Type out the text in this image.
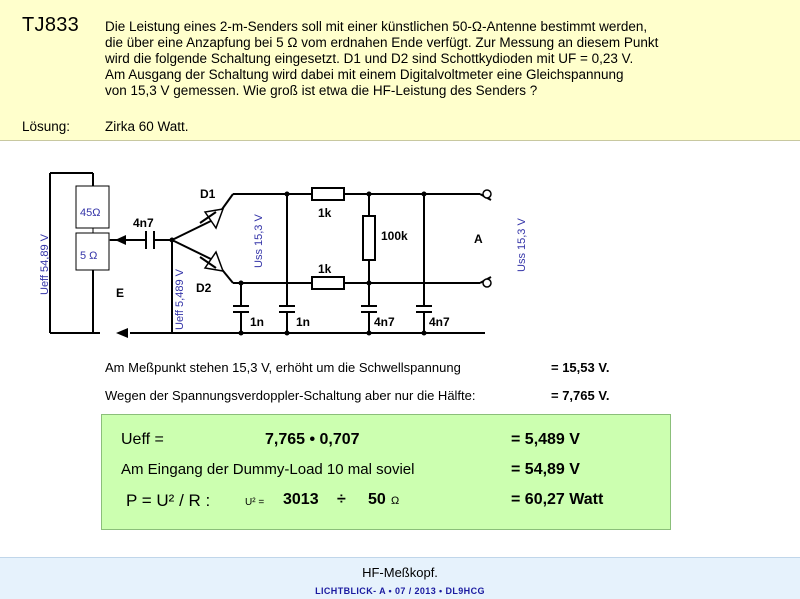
TJ833 Die Leistung eines 2-m-Senders soll mit einer künstlichen 50-Ω-Antenne bestimmt werden,
die über eine Anzapfung bei 5 Ω vom erdnahen Ende verfügt. Zur Messung an diesem Punkt
wird die folgende Schaltung eingesetzt. D1 und D2 sind Schottkydioden mit UF = 0,23 V.
Am Ausgang der Schaltung wird dabei mit einem Digitalvoltmeter eine Gleichspannung
von 15,3 V gemessen. Wie groß ist etwa die HF-Leistung des Senders ?
Lösung:	Zirka 60 Watt.
45Ω
5 Ω
Ueff 54,89 V
4n7
D1
D2
Ueff 5,489 V
Uss 15,3 V
1k
1k
100k
1n	1n	4n7	4n7
A
E
Uss 15,3 V
Am Meßpunkt stehen 15,3 V, erhöht um die Schwellspannung	= 15,53 V.
Wegen der Spannungsverdoppler-Schaltung aber nur die Hälfte:	= 7,765 V.
Ueff =	7,765 • 0,707	= 5,489 V
Am Eingang der Dummy-Load 10 mal soviel	= 54,89 V
P = U² / R :	U² = 3013 ÷ 50 Ω	= 60,27 Watt
HF-Meßkopf.
LICHTBLICK- A • 07 / 2013 • DL9HCG
